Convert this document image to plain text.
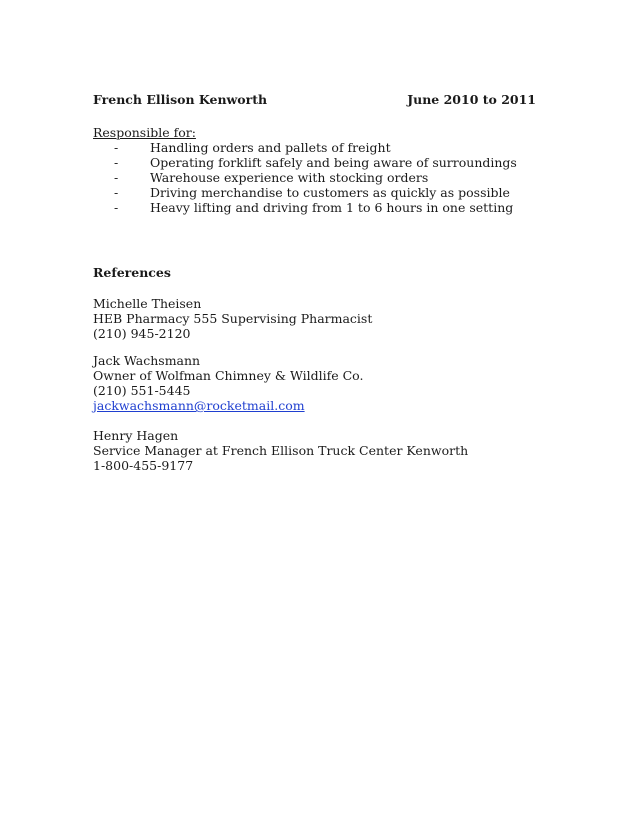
French Ellison Kenworth	June 2010 to 2011
Responsible for:
-	Handling orders and pallets of freight
-	Operating forklift safely and being aware of surroundings
-	Warehouse experience with stocking orders
-	Driving merchandise to customers as quickly as possible
-	Heavy lifting and driving from 1 to 6 hours in one setting
References
Michelle Theisen
HEB Pharmacy 555 Supervising Pharmacist
(210) 945-2120
Jack Wachsmann
Owner of Wolfman Chimney & Wildlife Co.
(210) 551-5445
jackwachsmann@rocketmail.com
Henry Hagen
Service Manager at French Ellison Truck Center Kenworth
1-800-455-9177
